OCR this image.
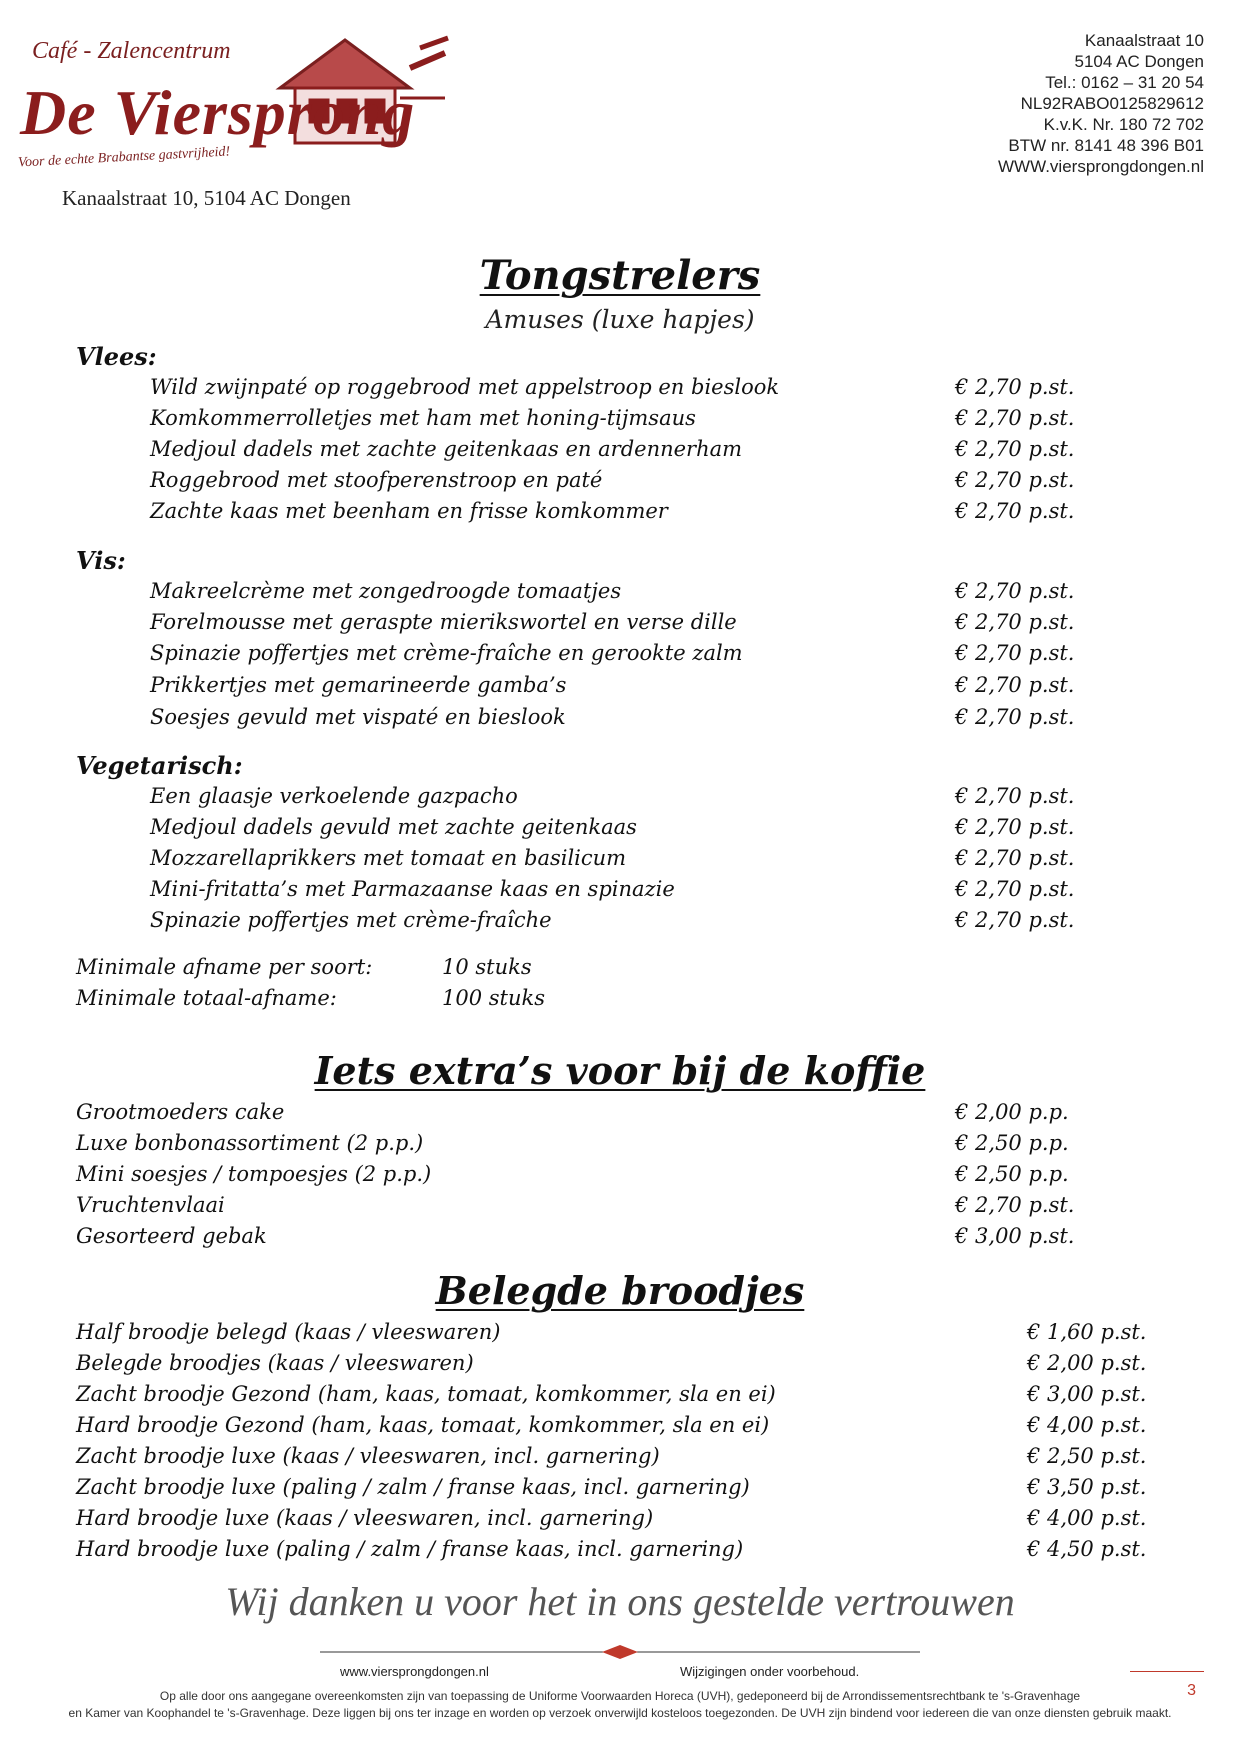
Café - Zalencentrum
De Viersprong
Voor de echte Brabantse gastvrijheid!
Kanaalstraat 10, 5104 AC Dongen
Kanaalstraat 10
5104 AC Dongen
Tel.: 0162 – 31 20 54
NL92RABO0125829612
K.v.K. Nr. 180 72 702
BTW nr. 8141 48 396 B01
WWW.viersprongdongen.nl
Tongstrelers
Amuses (luxe hapjes)
Vlees:
Wild zwijnpaté op roggebrood met appelstroop en bieslook	€ 2,70 p.st.
Komkommerrolletjes met ham met honing-tijmsaus	€ 2,70 p.st.
Medjoul dadels met zachte geitenkaas en ardennerham	€ 2,70 p.st.
Roggebrood met stoofperenstroop en paté	€ 2,70 p.st.
Zachte kaas met beenham en frisse komkommer	€ 2,70 p.st.
Vis:
Makreelcrème met zongedroogde tomaatjes	€ 2,70 p.st.
Forelmousse met geraspte mierikswortel en verse dille	€ 2,70 p.st.
Spinazie poffertjes met crème-fraîche en gerookte zalm	€ 2,70 p.st.
Prikkertjes met gemarineerde gamba’s	€ 2,70 p.st.
Soesjes gevuld met vispaté en bieslook	€ 2,70 p.st.
Vegetarisch:
Een glaasje verkoelende gazpacho	€ 2,70 p.st.
Medjoul dadels gevuld met zachte geitenkaas	€ 2,70 p.st.
Mozzarellaprikkers met tomaat en basilicum	€ 2,70 p.st.
Mini-fritatta’s met Parmazaanse kaas en spinazie	€ 2,70 p.st.
Spinazie poffertjes met crème-fraîche	€ 2,70 p.st.
Minimale afname per soort:	10 stuks
Minimale totaal-afname:	100 stuks
Iets extra’s voor bij de koffie
Grootmoeders cake	€ 2,00 p.p.
Luxe bonbonassortiment (2 p.p.)	€ 2,50 p.p.
Mini soesjes / tompoesjes (2 p.p.)	€ 2,50 p.p.
Vruchtenvlaai	€ 2,70 p.st.
Gesorteerd gebak	€ 3,00 p.st.
Belegde broodjes
Half broodje belegd (kaas / vleeswaren)	€ 1,60 p.st.
Belegde broodjes (kaas / vleeswaren)	€ 2,00 p.st.
Zacht broodje Gezond (ham, kaas, tomaat, komkommer, sla en ei)	€ 3,00 p.st.
Hard broodje Gezond (ham, kaas, tomaat, komkommer, sla en ei)	€ 4,00 p.st.
Zacht broodje luxe (kaas / vleeswaren, incl. garnering)	€ 2,50 p.st.
Zacht broodje luxe (paling / zalm / franse kaas, incl. garnering)	€ 3,50 p.st.
Hard broodje luxe (kaas / vleeswaren, incl. garnering)	€ 4,00 p.st.
Hard broodje luxe (paling / zalm / franse kaas, incl. garnering)	€ 4,50 p.st.
Wij danken u voor het in ons gestelde vertrouwen
www.viersprongdongen.nl	Wijzigingen onder voorbehoud.
Op alle door ons aangegane overeenkomsten zijn van toepassing de Uniforme Voorwaarden Horeca (UVH), gedeponeerd bij de Arrondissementsrechtbank te 's-Gravenhage
en Kamer van Koophandel te 's-Gravenhage. Deze liggen bij ons ter inzage en worden op verzoek onverwijld kosteloos toegezonden. De UVH zijn bindend voor iedereen die van onze diensten gebruik maakt.
3
